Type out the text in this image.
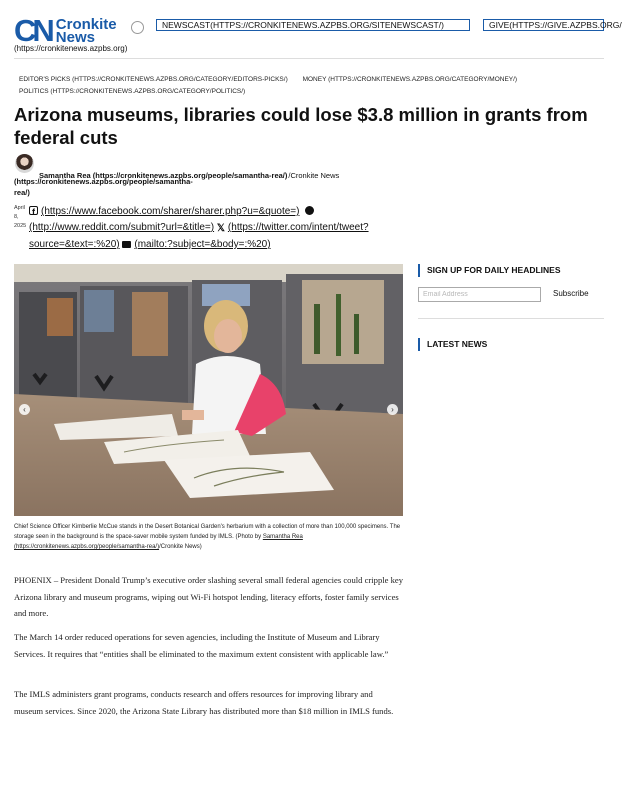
CN Cronkite
News
(https://cronkitenews.azpbs.org)
NEWSCAST(HTTPS://CRONKITENEWS.AZPBS.ORG/SITENEWSCAST/)	GIVE(HTTPS://GIVE.AZPBS.ORG/
EDITOR'S PICKS (HTTPS://CRONKITENEWS.AZPBS.ORG/CATEGORY/EDITORS-PICKS/) MONEY (HTTPS://CRONKITENEWS.AZPBS.ORG/CATEGORY/MONEY/) POLITICS (HTTPS://CRONKITENEWS.AZPBS.ORG/CATEGORY/POLITICS/)
Arizona museums, libraries could lose $3.8 million in grants from federal cuts
Samantha Rea (https://cronkitenews.azpbs.org/people/samantha-rea/)/Cronkite News
(https://cronkitenews.azpbs.org/people/samantha-
rea/)
April 8, 2025
f(https://www.facebook.com/sharer/sharer.php?u=&quote=)  (http://www.reddit.com/submit?url=&title=) 𝕏 (https://twitter.com/intent/tweet?source=&text=:%20) (mailto:?subject=&body=:%20)
‹	›
Chief Science Officer Kimberlie McCue stands in the Desert Botanical Garden's herbarium with a collection of more than 100,000 specimens. The storage seen in the background is the space-saver mobile system funded by IMLS. (Photo by Samantha Rea (https://cronkitenews.azpbs.org/people/samantha-rea/)/Cronkite News)

PHOENIX – President Donald Trump’s executive order slashing several small federal agencies could cripple key Arizona library and museum programs, wiping out Wi-Fi hotspot lending, literacy efforts, foster family services and more.

The March 14 order reduced operations for seven agencies, including the Institute of Museum and Library Services. It requires that “entities shall be eliminated to the maximum extent consistent with applicable law.”

The IMLS administers grant programs, conducts research and offers resources for improving library and museum services. Since 2020, the Arizona State Library has distributed more than $18 million in IMLS funds.

SIGN UP FOR DAILY HEADLINES
Email Address
Subscribe
LATEST NEWS
